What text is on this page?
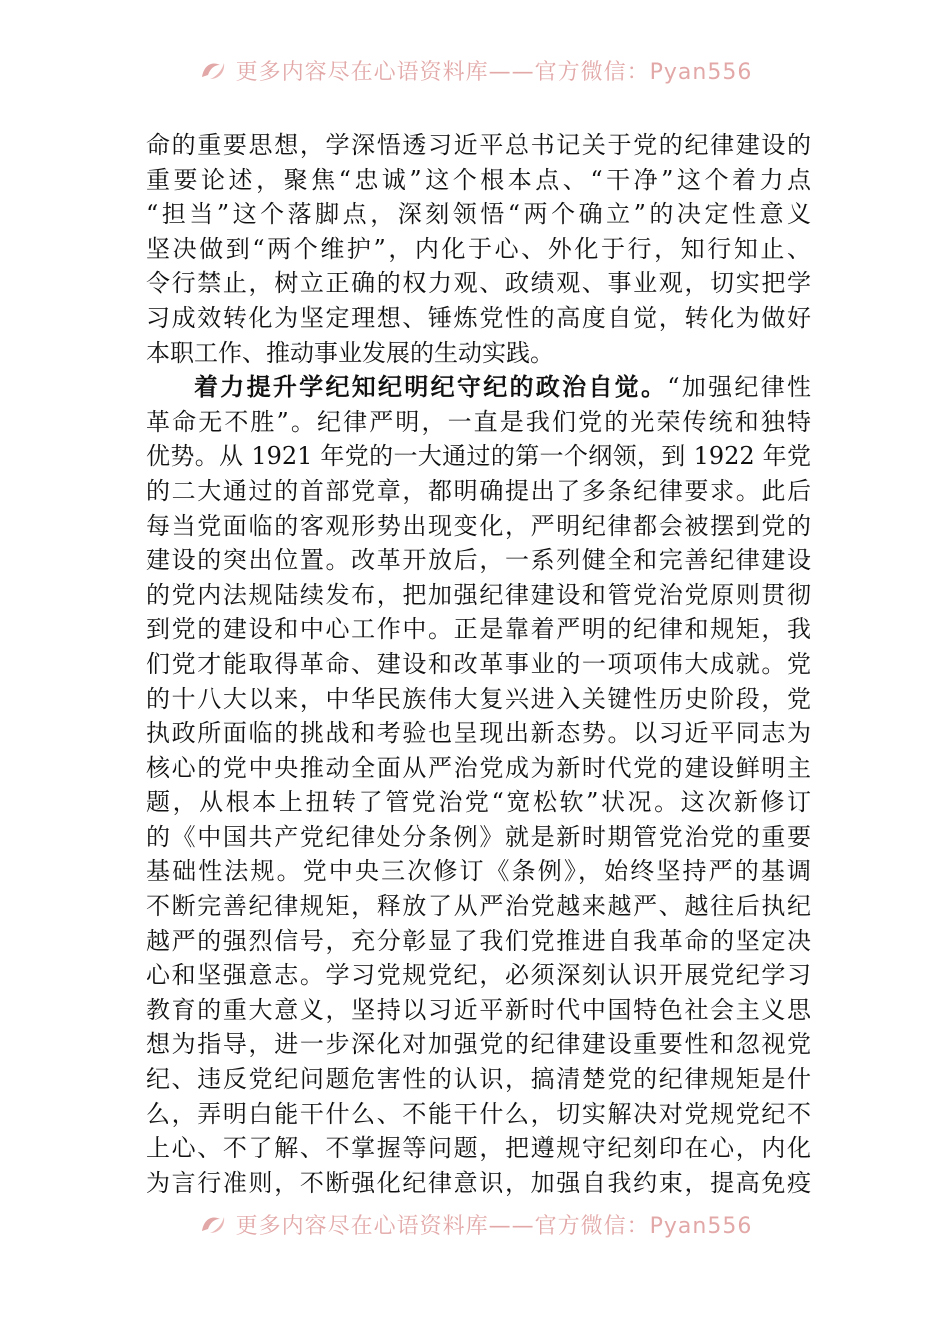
更多内容尽在心语资料库——官方微信：Pyan556
命的重要思想，学深悟透习近平总书记关于党的纪律建设的
重要论述，聚焦“忠诚”这个根本点、“干净”这个着力点
“担当”这个落脚点，深刻领悟“两个确立”的决定性意义
坚决做到“两个维护”，内化于心、外化于行，知行知止、
令行禁止，树立正确的权力观、政绩观、事业观，切实把学
习成效转化为坚定理想、锤炼党性的高度自觉，转化为做好
本职工作、推动事业发展的生动实践。
着力提升学纪知纪明纪守纪的政治自觉。“加强纪律性
革命无不胜”。纪律严明，一直是我们党的光荣传统和独特
优势。从 1921 年党的一大通过的第一个纲领，到 1922 年党
的二大通过的首部党章，都明确提出了多条纪律要求。此后
每当党面临的客观形势出现变化，严明纪律都会被摆到党的
建设的突出位置。改革开放后，一系列健全和完善纪律建设
的党内法规陆续发布，把加强纪律建设和管党治党原则贯彻
到党的建设和中心工作中。正是靠着严明的纪律和规矩，我
们党才能取得革命、建设和改革事业的一项项伟大成就。党
的十八大以来，中华民族伟大复兴进入关键性历史阶段，党
执政所面临的挑战和考验也呈现出新态势。以习近平同志为
核心的党中央推动全面从严治党成为新时代党的建设鲜明主
题，从根本上扭转了管党治党“宽松软”状况。这次新修订
的《中国共产党纪律处分条例》就是新时期管党治党的重要
基础性法规。党中央三次修订《条例》，始终坚持严的基调
不断完善纪律规矩，释放了从严治党越来越严、越往后执纪
越严的强烈信号，充分彰显了我们党推进自我革命的坚定决
心和坚强意志。学习党规党纪，必须深刻认识开展党纪学习
教育的重大意义，坚持以习近平新时代中国特色社会主义思
想为指导，进一步深化对加强党的纪律建设重要性和忽视党
纪、违反党纪问题危害性的认识，搞清楚党的纪律规矩是什
么，弄明白能干什么、不能干什么，切实解决对党规党纪不
上心、不了解、不掌握等问题，把遵规守纪刻印在心，内化
为言行准则，不断强化纪律意识，加强自我约束，提高免疫
更多内容尽在心语资料库——官方微信：Pyan556
